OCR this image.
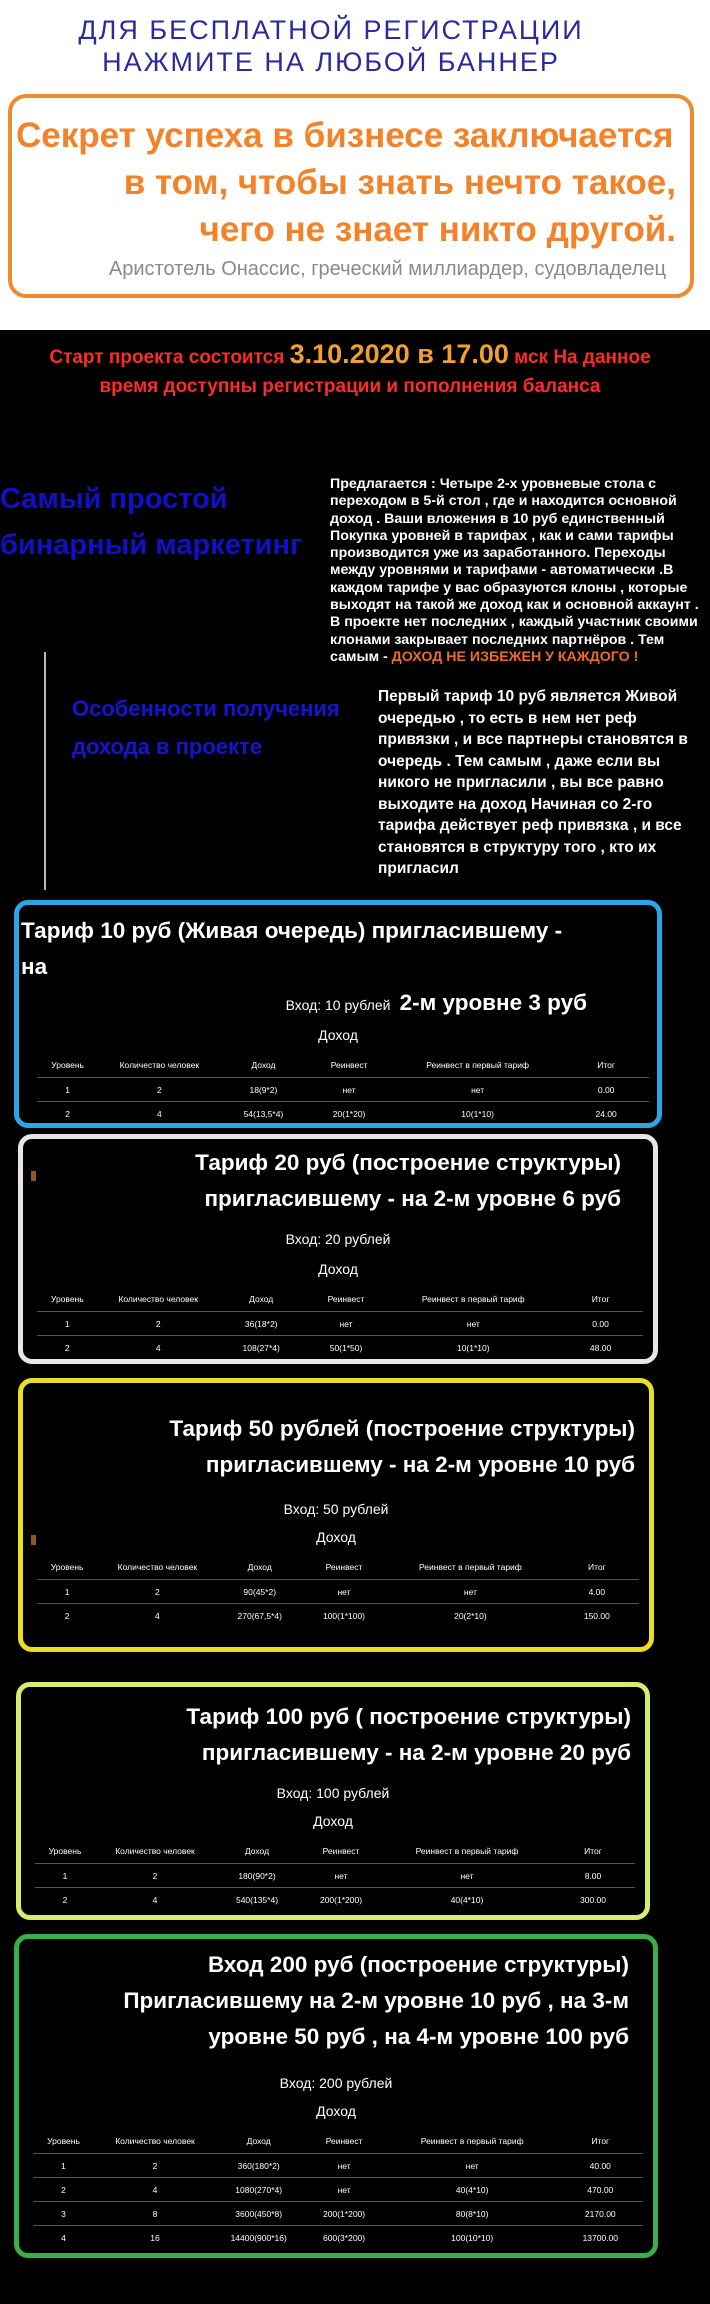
ДЛЯ БЕСПЛАТНОЙ РЕГИСТРАЦИИ
НАЖМИТЕ НА ЛЮБОЙ БАННЕР
Секрет успеха в бизнесе заключается
в том, чтобы знать нечто такое,
чего не знает никто другой.
Аристотель Онассис, греческий миллиардер, судовладелец
Старт проекта состоится 3.10.2020 в 17.00 мск На данное время доступны регистрации и пополнения баланса
Самый простой
бинарный маркетинг
Предлагается : Четыре 2-х уровневые стола с переходом в 5-й стол , где и находится основной доход . Ваши вложения в 10 руб единственный Покупка уровней в тарифах , как и сами тарифы производится уже из заработанного. Переходы между уровнями и тарифами - автоматически .В каждом тарифе у вас образуются клоны , которые выходят на такой же доход как и основной аккаунт . В проекте нет последних , каждый участник своими клонами закрывает последних партнёров . Тем самым - ДОХОД НЕ ИЗБЕЖЕН У КАЖДОГО !
Особенности получения
дохода в проекте
Первый тариф 10 руб является Живой очередью , то есть в нем нет реф привязки , и все партнеры становятся в очередь . Тем самым , даже если вы никого не пригласили , вы все равно выходите на доход Начиная со 2-го тарифа действует реф привязка , и все становятся в структуру того , кто их пригласил
Тариф 10 руб (Живая очередь) пригласившему - на
2-м уровне 3 руб
Вход: 10 рублей
Доход
Уровень	Количество человек	Доход	Реинвест	Реинвест в первый тариф	Итог
1	2	18(9*2)	нет	нет	0.00
2	4	54(13,5*4)	20(1*20)	10(1*10)	24.00
Тариф 20 руб (построение структуры)
пригласившему - на 2-м уровне 6 руб
Вход: 20 рублей
Доход
Уровень	Количество человек	Доход	Реинвест	Реинвест в первый тариф	Итог
1	2	36(18*2)	нет	нет	0.00
2	4	108(27*4)	50(1*50)	10(1*10)	48.00
Тариф 50 рублей (построение структуры)
пригласившему - на 2-м уровне 10 руб
Вход: 50 рублей
Доход
Уровень	Количество человек	Доход	Реинвест	Реинвест в первый тариф	Итог
1	2	90(45*2)	нет	нет	4.00
2	4	270(67,5*4)	100(1*100)	20(2*10)	150.00
Тариф 100 руб ( построение структуры)
пригласившему - на 2-м уровне 20 руб
Вход: 100 рублей
Доход
Уровень	Количество человек	Доход	Реинвест	Реинвест в первый тариф	Итог
1	2	180(90*2)	нет	нет	8.00
2	4	540(135*4)	200(1*200)	40(4*10)	300.00
Вход 200 руб (построение структуры)
Пригласившему на 2-м уровне 10 руб , на 3-м
уровне 50 руб , на 4-м уровне 100 руб
Вход: 200 рублей
Доход
Уровень	Количество человек	Доход	Реинвест	Реинвест в первый тариф	Итог
1	2	360(180*2)	нет	нет	40.00
2	4	1080(270*4)	нет	40(4*10)	470.00
3	8	3600(450*8)	200(1*200)	80(8*10)	2170.00
4	16	14400(900*16)	600(3*200)	100(10*10)	13700.00
